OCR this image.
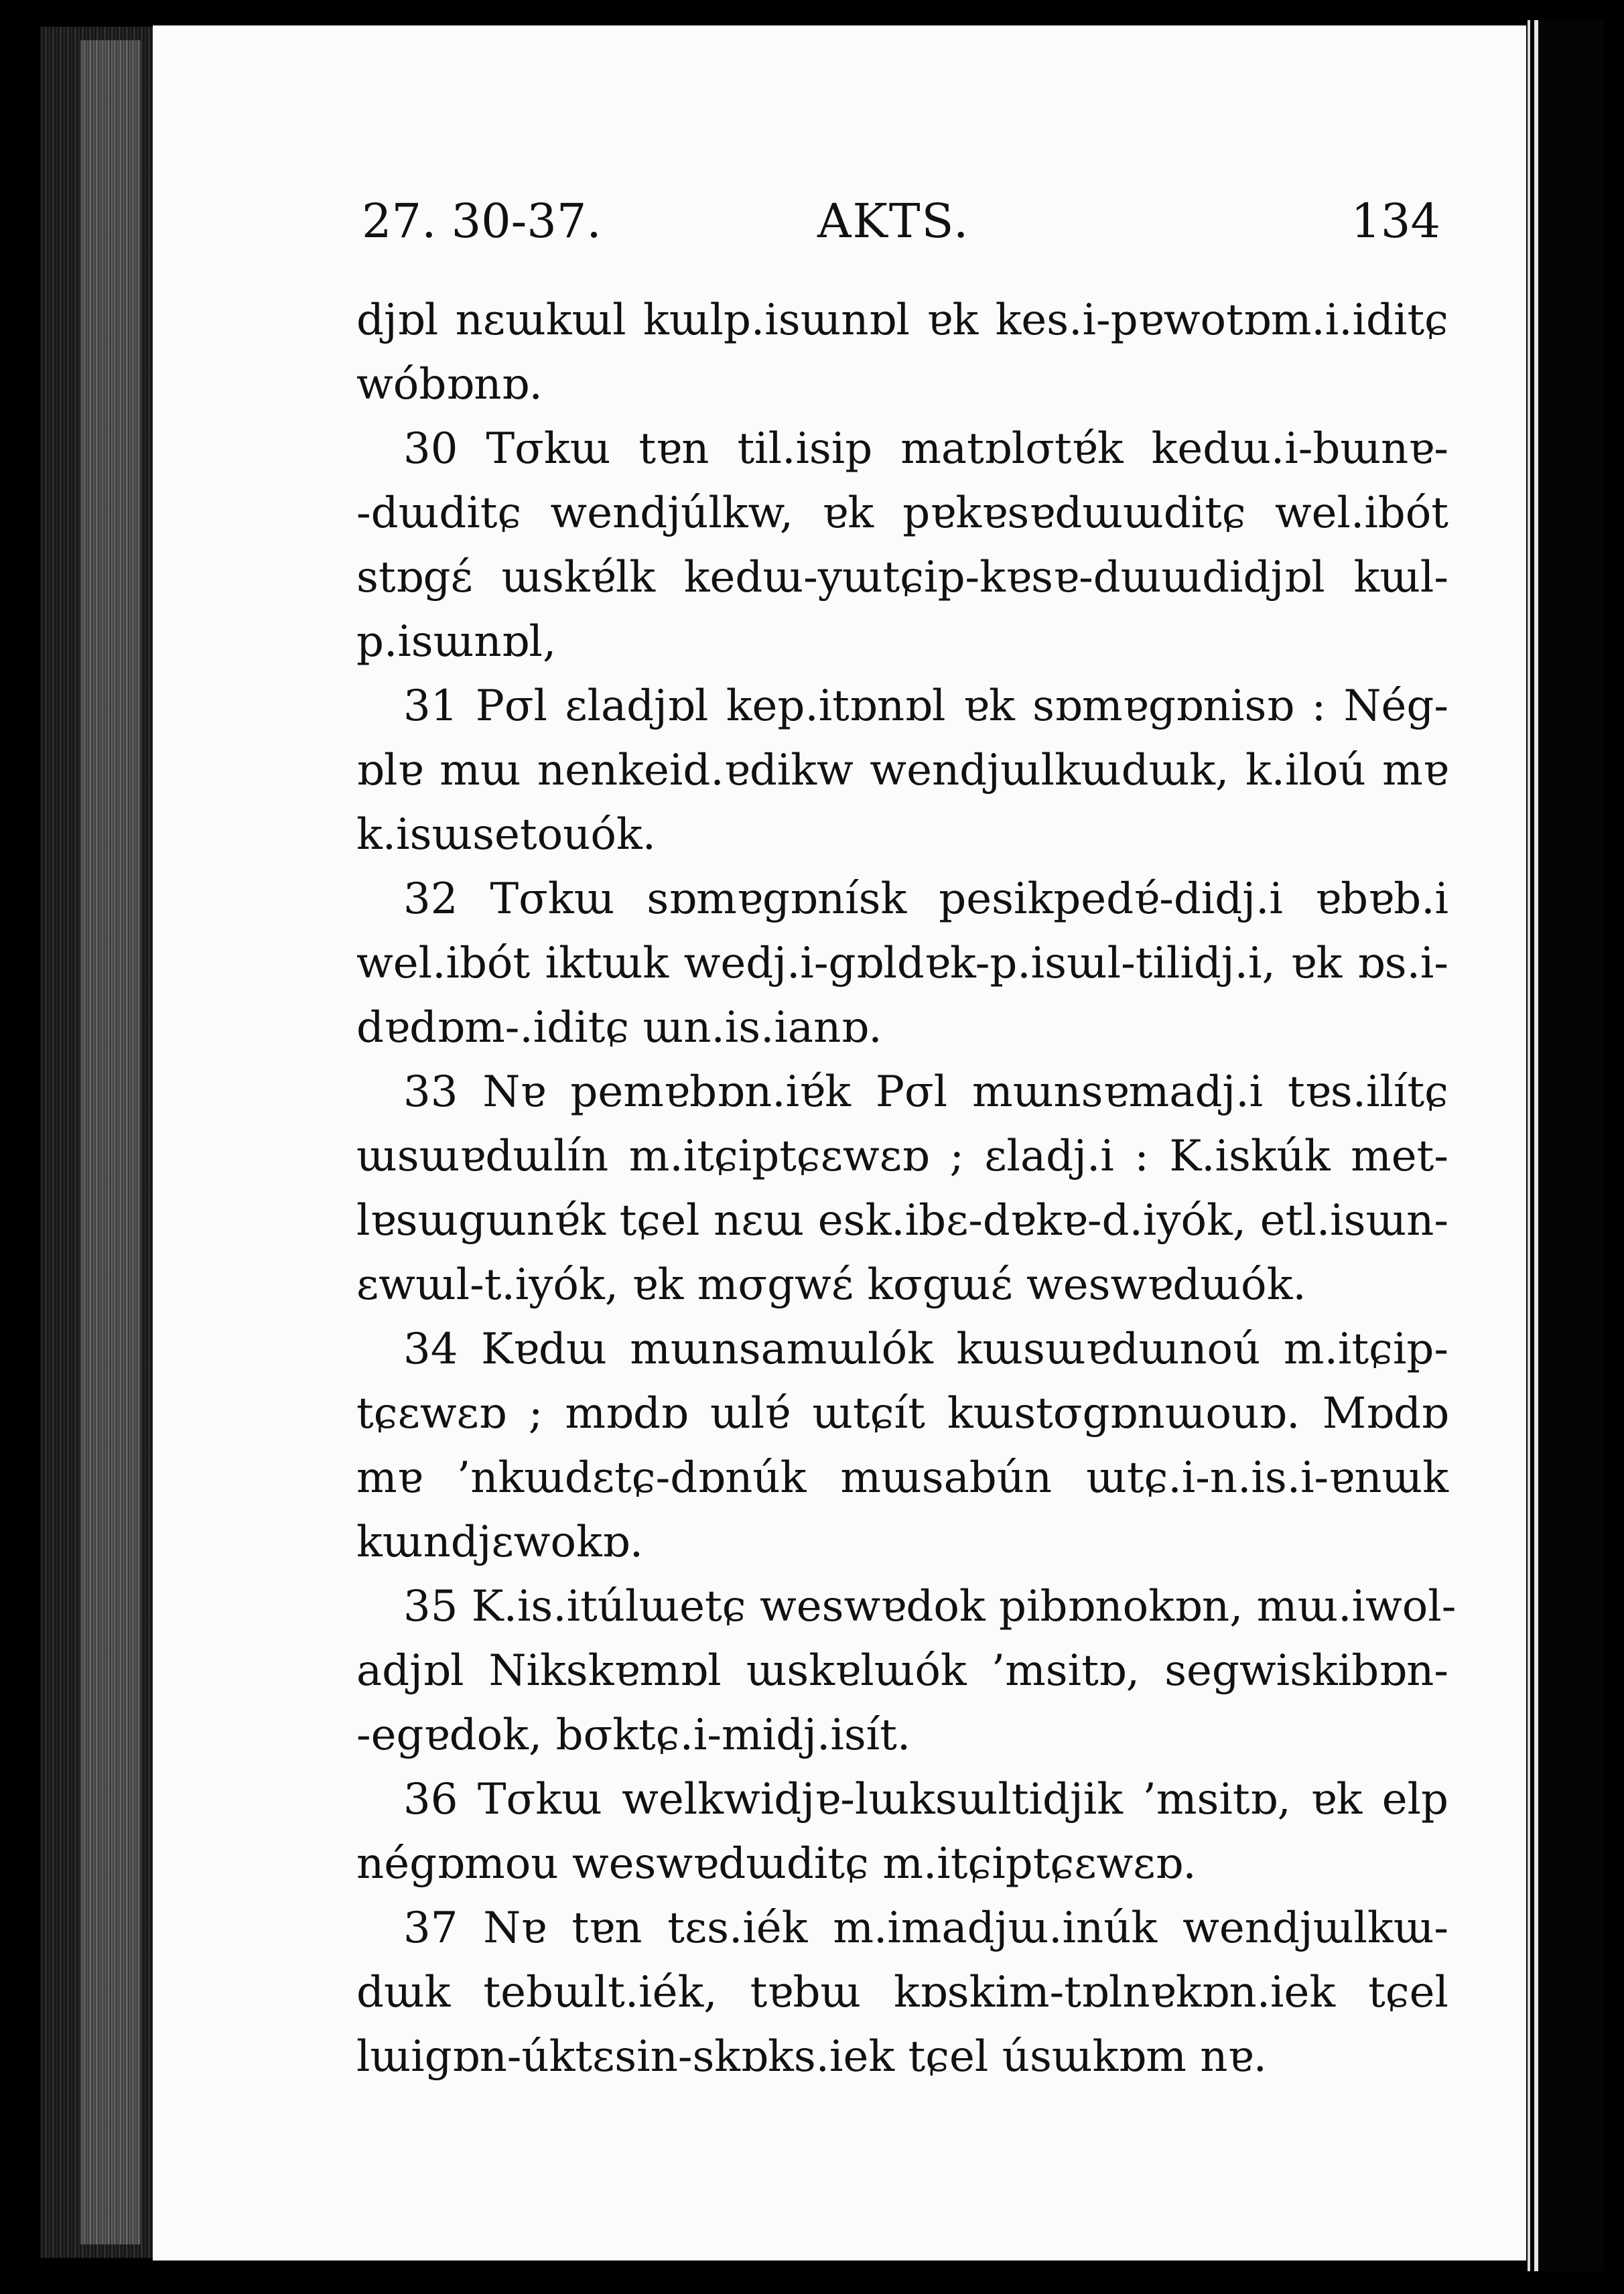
27. 30-37.	AKTS.	134
djɒl nɛɯkɯl kɯlp.isɯnɒl ɐk kes.i-pɐwotɒm.i.iditɕ
wóbɒnɒ.
30 Tσkɯ tɐn til.isip matɒlσtɐ́k kedɯ.i-bɯnɐ-
-dɯditɕ wendjúlkw, ɐk pɐkɐsɐdɯɯditɕ wel.ibót
stɒgɛ́ ɯskɐ́lk kedɯ-yɯtɕip-kɐsɐ-dɯɯdidjɒl kɯl-
p.isɯnɒl,
31 Pσl ɛladjɒl kep.itɒnɒl ɐk sɒmɐgɒnisɒ : Nég-
ɒlɐ mɯ nenkeid.ɐdikw wendjɯlkɯdɯk, k.iloú mɐ
k.isɯsetouók.
32 Tσkɯ sɒmɐgɒnísk pesikpedɐ́-didj.i ɐbɐb.i
wel.ibót iktɯk wedj.i-gɒldɐk-p.isɯl-tilidj.i, ɐk ɒs.i-
dɐdɒm-.iditɕ ɯn.is.ianɒ.
33 Nɐ pemɐbɒn.iɐ́k Pσl mɯnsɐmadj.i tɐs.ilítɕ
ɯsɯɐdɯlín m.itɕiptɕɛwɛɒ ; ɛladj.i : K.iskúk met-
lɐsɯgɯnɐ́k tɕel nɛɯ esk.ibɛ-dɐkɐ-d.iyók, etl.isɯn-
ɛwɯl-t.iyók, ɐk mσgwɛ́ kσgɯɛ́ weswɐdɯók.
34 Kɐdɯ mɯnsamɯlók kɯsɯɐdɯnoú m.itɕip-
tɕɛwɛɒ ; mɒdɒ ɯlɐ́ ɯtɕít kɯstσgɒnɯouɒ. Mɒdɒ
mɐ ’nkɯdɛtɕ-dɒnúk mɯsabún ɯtɕ.i-n.is.i-ɐnɯk
kɯndjɛwokɒ.
35 K.is.itúlɯetɕ weswɐdok pibɒnokɒn, mɯ.iwol-
adjɒl Nikskɐmɒl ɯskɐlɯók ’msitɒ, segwiskibɒn-
-egɐdok, bσktɕ.i-midj.isít.
36 Tσkɯ welkwidjɐ-lɯksɯltidjik ’msitɒ, ɐk elp
négɒmou weswɐdɯditɕ m.itɕiptɕɛwɛɒ.
37 Nɐ tɐn tɛs.iék m.imadjɯ.inúk wendjɯlkɯ-
dɯk tebɯlt.iék, tɐbɯ kɒskim-tɒlnɐkɒn.iek tɕel
lɯigɒn-úktɛsin-skɒks.iek tɕel úsɯkɒm nɐ.
